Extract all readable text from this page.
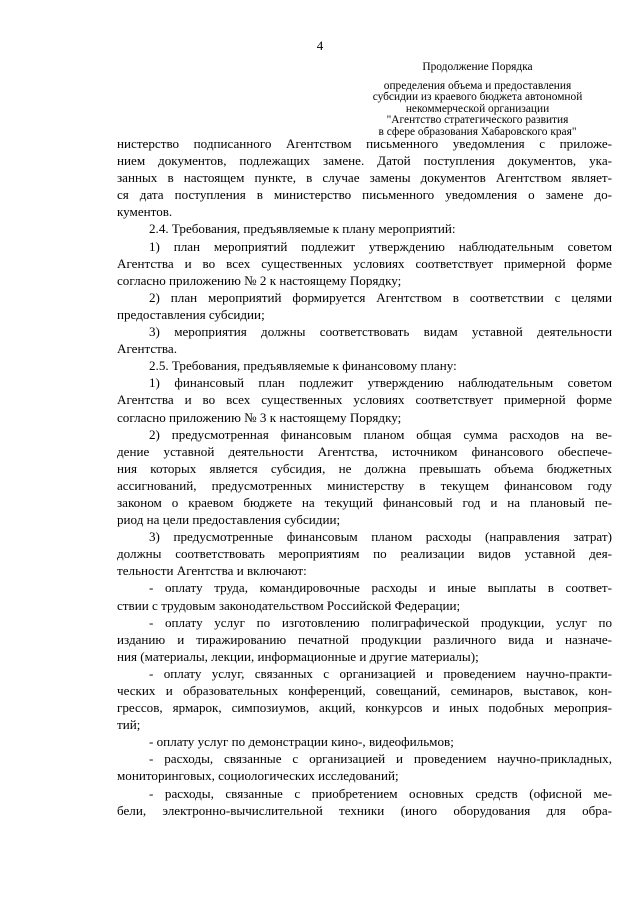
4
Продолжение Порядка
определения объема и предоставления
субсидии из краевого бюджета автономной
некоммерческой организации
"Агентство стратегического развития
в сфере образования Хабаровского края"
нистерство подписанного Агентством письменного уведомления с приложе-
нием документов, подлежащих замене. Датой поступления документов, ука-
занных в настоящем пункте, в случае замены документов Агентством являет-
ся дата поступления в министерство письменного уведомления о замене до-
кументов.
2.4. Требования, предъявляемые к плану мероприятий:
1) план мероприятий подлежит утверждению наблюдательным советом
Агентства и во всех существенных условиях соответствует примерной форме
согласно приложению № 2 к настоящему Порядку;
2) план мероприятий формируется Агентством в соответствии с целями
предоставления субсидии;
3) мероприятия должны соответствовать видам уставной деятельности
Агентства.
2.5. Требования, предъявляемые к финансовому плану:
1) финансовый план подлежит утверждению наблюдательным советом
Агентства и во всех существенных условиях соответствует примерной форме
согласно приложению № 3 к настоящему Порядку;
2) предусмотренная финансовым планом общая сумма расходов на ве-
дение уставной деятельности Агентства, источником финансового обеспече-
ния которых является субсидия, не должна превышать объема бюджетных
ассигнований, предусмотренных министерству в текущем финансовом году
законом о краевом бюджете на текущий финансовый год и на плановый пе-
риод на цели предоставления субсидии;
3) предусмотренные финансовым планом расходы (направления затрат)
должны соответствовать мероприятиям по реализации видов уставной дея-
тельности Агентства и включают:
- оплату труда, командировочные расходы и иные выплаты в соответ-
ствии с трудовым законодательством Российской Федерации;
- оплату услуг по изготовлению полиграфической продукции, услуг по
изданию и тиражированию печатной продукции различного вида и назначе-
ния (материалы, лекции, информационные и другие материалы);
- оплату услуг, связанных с организацией и проведением научно-практи-
ческих и образовательных конференций, совещаний, семинаров, выставок, кон-
грессов, ярмарок, симпозиумов, акций, конкурсов и иных подобных мероприя-
тий;
- оплату услуг по демонстрации кино-, видеофильмов;
- расходы, связанные с организацией и проведением научно-прикладных,
мониторинговых, социологических исследований;
- расходы, связанные с приобретением основных средств (офисной ме-
бели, электронно-вычислительной техники (иного оборудования для обра-
